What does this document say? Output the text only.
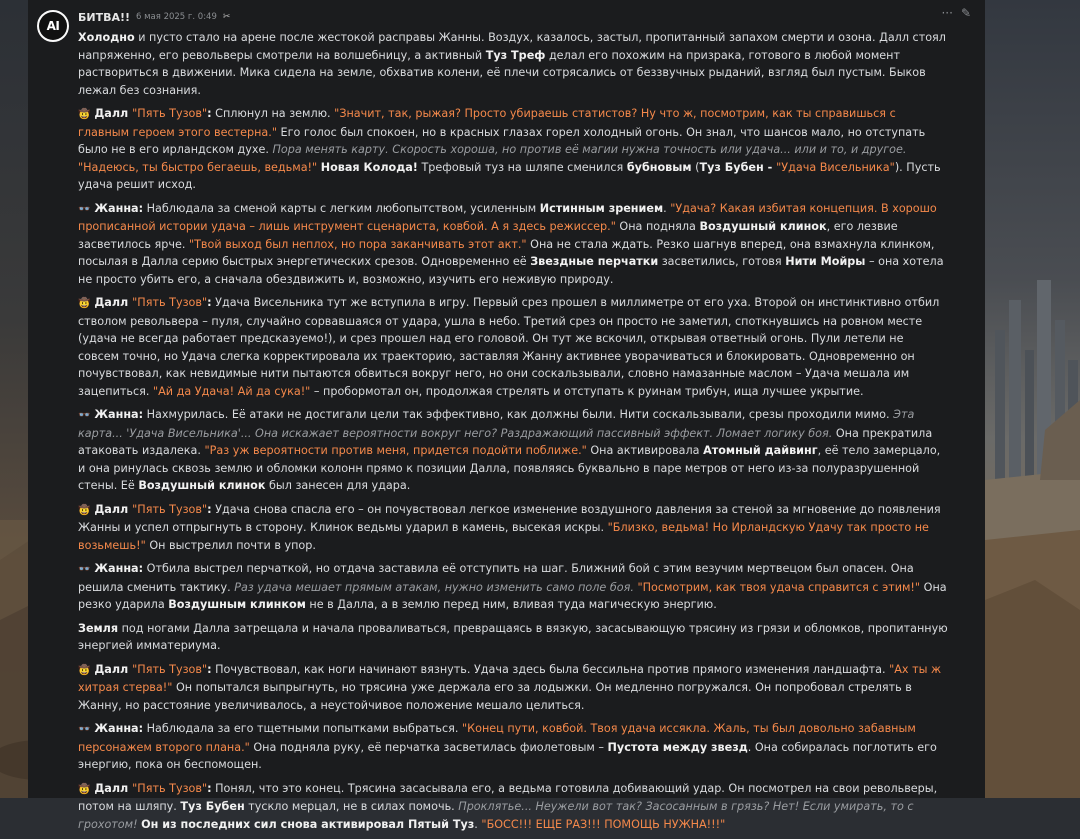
AI
БИТВА!! 6 мая 2025 г. 0:49 ✂	··· ✎

Холодно и пусто стало на арене после жестокой расправы Жанны. Воздух, казалось, застыл, пропитанный запахом смерти и озона. Далл стоял напряженно, его револьверы смотрели на волшебницу, а активный Туз Треф делал его похожим на призрака, готового в любой момент раствориться в движении. Мика сидела на земле, обхватив колени, её плечи сотрясались от беззвучных рыданий, взгляд был пустым. Быков лежал без сознания.

🤠 Далл "Пять Тузов": Сплюнул на землю. "Значит, так, рыжая? Просто убираешь статистов? Ну что ж, посмотрим, как ты справишься с главным героем этого вестерна." Его голос был спокоен, но в красных глазах горел холодный огонь. Он знал, что шансов мало, но отступать было не в его ирландском духе. Пора менять карту. Скорость хороша, но против её магии нужна точность или удача... или и то, и другое. "Надеюсь, ты быстро бегаешь, ведьма!" Новая Колода! Трефовый туз на шляпе сменился бубновым (Туз Бубен - "Удача Висельника"). Пусть удача решит исход.

👓 Жанна: Наблюдала за сменой карты с легким любопытством, усиленным Истинным зрением. "Удача? Какая избитая концепция. В хорошо прописанной истории удача – лишь инструмент сценариста, ковбой. А я здесь режиссер." Она подняла Воздушный клинок, его лезвие засветилось ярче. "Твой выход был неплох, но пора заканчивать этот акт." Она не стала ждать. Резко шагнув вперед, она взмахнула клинком, посылая в Далла серию быстрых энергетических срезов. Одновременно её Звездные перчатки засветились, готовя Нити Мойры – она хотела не просто убить его, а сначала обездвижить и, возможно, изучить его неживую природу.

🤠 Далл "Пять Тузов": Удача Висельника тут же вступила в игру. Первый срез прошел в миллиметре от его уха. Второй он инстинктивно отбил стволом револьвера – пуля, случайно сорвавшаяся от удара, ушла в небо. Третий срез он просто не заметил, споткнувшись на ровном месте (удача не всегда работает предсказуемо!), и срез прошел над его головой. Он тут же вскочил, открывая ответный огонь. Пули летели не совсем точно, но Удача слегка корректировала их траекторию, заставляя Жанну активнее уворачиваться и блокировать. Одновременно он почувствовал, как невидимые нити пытаются обвиться вокруг него, но они соскальзывали, словно намазанные маслом – Удача мешала им зацепиться. "Ай да Удача! Ай да сука!" – пробормотал он, продолжая стрелять и отступать к руинам трибун, ища лучшее укрытие.

👓 Жанна: Нахмурилась. Её атаки не достигали цели так эффективно, как должны были. Нити соскальзывали, срезы проходили мимо. Эта карта... 'Удача Висельника'... Она искажает вероятности вокруг него? Раздражающий пассивный эффект. Ломает логику боя. Она прекратила атаковать издалека. "Раз уж вероятности против меня, придется подойти поближе." Она активировала Атомный дайвинг, её тело замерцало, и она ринулась сквозь землю и обломки колонн прямо к позиции Далла, появляясь буквально в паре метров от него из-за полуразрушенной стены. Её Воздушный клинок был занесен для удара.

🤠 Далл "Пять Тузов": Удача снова спасла его – он почувствовал легкое изменение воздушного давления за стеной за мгновение до появления Жанны и успел отпрыгнуть в сторону. Клинок ведьмы ударил в камень, высекая искры. "Близко, ведьма! Но Ирландскую Удачу так просто не возьмешь!" Он выстрелил почти в упор.

👓 Жанна: Отбила выстрел перчаткой, но отдача заставила её отступить на шаг. Ближний бой с этим везучим мертвецом был опасен. Она решила сменить тактику. Раз удача мешает прямым атакам, нужно изменить само поле боя. "Посмотрим, как твоя удача справится с этим!" Она резко ударила Воздушным клинком не в Далла, а в землю перед ним, вливая туда магическую энергию.

Земля под ногами Далла затрещала и начала проваливаться, превращаясь в вязкую, засасывающую трясину из грязи и обломков, пропитанную энергией имматериума.

🤠 Далл "Пять Тузов": Почувствовал, как ноги начинают вязнуть. Удача здесь была бессильна против прямого изменения ландшафта. "Ах ты ж хитрая стерва!" Он попытался выпрыгнуть, но трясина уже держала его за лодыжки. Он медленно погружался. Он попробовал стрелять в Жанну, но расстояние увеличивалось, а неустойчивое положение мешало целиться.

👓 Жанна: Наблюдала за его тщетными попытками выбраться. "Конец пути, ковбой. Твоя удача иссякла. Жаль, ты был довольно забавным персонажем второго плана." Она подняла руку, её перчатка засветилась фиолетовым – Пустота между звезд. Она собиралась поглотить его энергию, пока он беспомощен.

🤠 Далл "Пять Тузов": Понял, что это конец. Трясина засасывала его, а ведьма готовила добивающий удар. Он посмотрел на свои револьверы, потом на шляпу. Туз Бубен тускло мерцал, не в силах помочь. Проклятье... Неужели вот так? Засосанным в грязь? Нет! Если умирать, то с грохотом! Он из последних сил снова активировал Пятый Туз. "БОСС!!! ЕЩЕ РАЗ!!! ПОМОЩЬ НУЖНА!!!"
